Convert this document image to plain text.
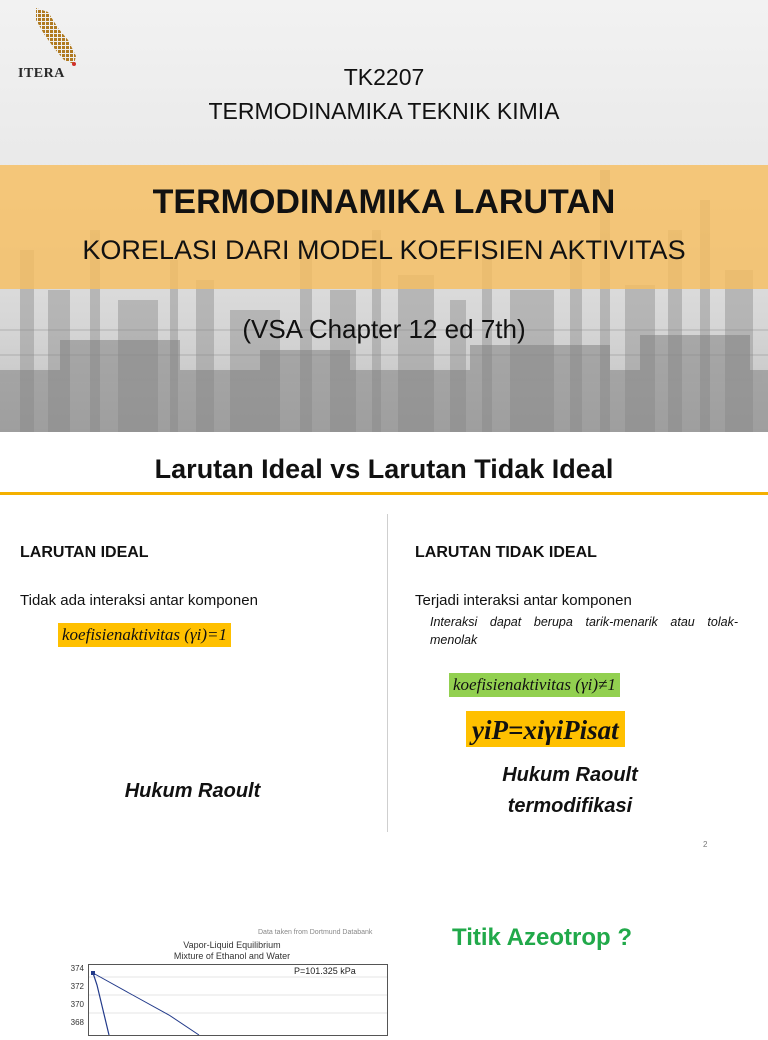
ITERA	TK2207
TERMODINAMIKA TEKNIK KIMIA
TERMODINAMIKA LARUTAN
KORELASI DARI MODEL KOEFISIEN AKTIVITAS
(VSA Chapter 12 ed 7th)
Larutan Ideal vs Larutan Tidak Ideal
LARUTAN IDEAL
Tidak ada interaksi antar komponen
koefisienaktivitas (γi)=1
Hukum Raoult
LARUTAN TIDAK IDEAL
Terjadi interaksi antar komponen
Interaksi dapat berupa tarik-menarik atau tolak-menolak
koefisienaktivitas (γi)≠1
yiP=xiγiPisat
Hukum Raoult
termodifikasi
2
Data taken from Dortmund Databank
Vapor-Liquid Equilibrium
Mixture of Ethanol and Water
P=101.325 kPa
374
372
370
368
Titik Azeotrop ?
